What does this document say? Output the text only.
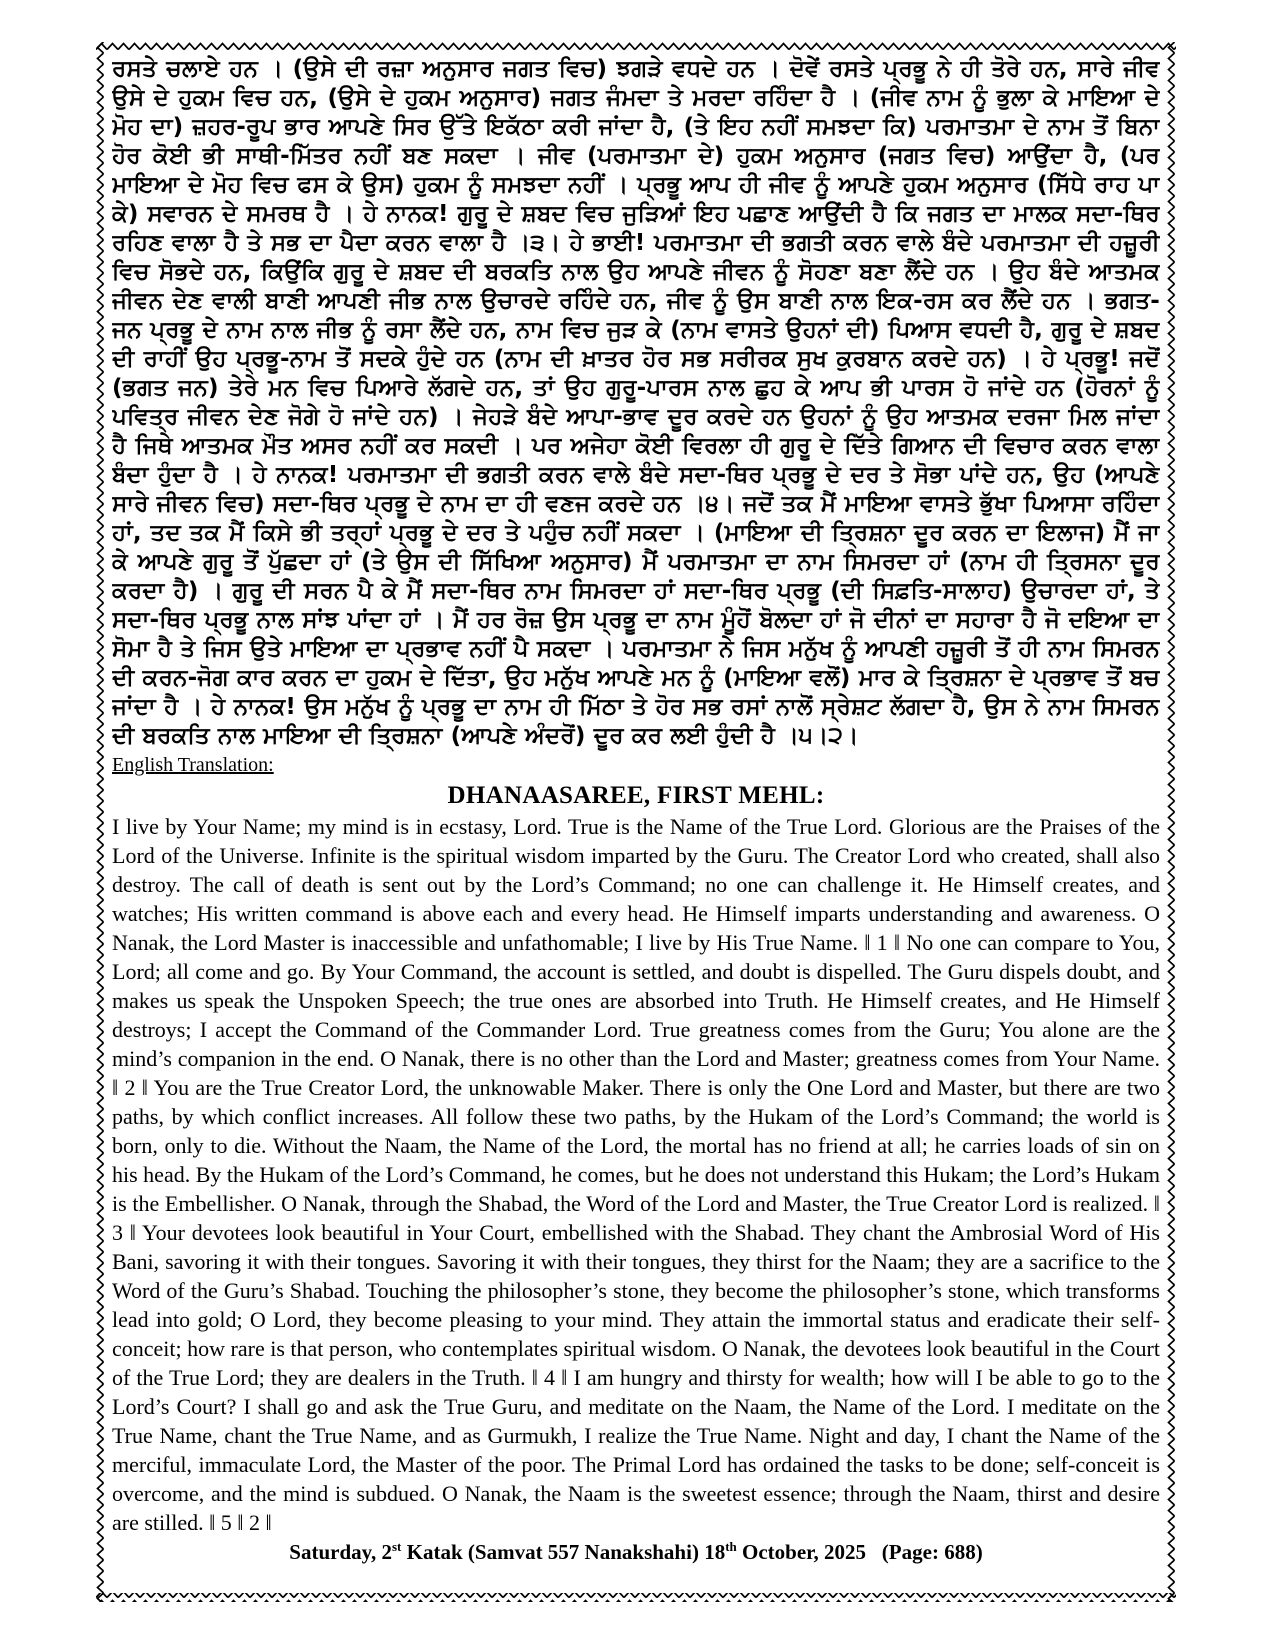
ਰਸਤੇ ਚਲਾਏ ਹਨ । (ਉਸੇ ਦੀ ਰਜ਼ਾ ਅਨੁਸਾਰ ਜਗਤ ਵਿਚ) ਝਗੜੇ ਵਧਦੇ ਹਨ । ਦੋਵੇਂ ਰਸਤੇ ਪ੍ਰਭੂ ਨੇ ਹੀ ਤੋਰੇ ਹਨ, ਸਾਰੇ ਜੀਵ ਉਸੇ ਦੇ ਹੁਕਮ ਵਿਚ ਹਨ, (ਉਸੇ ਦੇ ਹੁਕਮ ਅਨੁਸਾਰ) ਜਗਤ ਜੰਮਦਾ ਤੇ ਮਰਦਾ ਰਹਿੰਦਾ ਹੈ । (ਜੀਵ ਨਾਮ ਨੂੰ ਭੁਲਾ ਕੇ ਮਾਇਆ ਦੇ ਮੋਹ ਦਾ) ਜ਼ਹਰ-ਰੂਪ ਭਾਰ ਆਪਣੇ ਸਿਰ ਉੱਤੇ ਇਕੱਠਾ ਕਰੀ ਜਾਂਦਾ ਹੈ, (ਤੇ ਇਹ ਨਹੀਂ ਸਮਝਦਾ ਕਿ) ਪਰਮਾਤਮਾ ਦੇ ਨਾਮ ਤੋਂ ਬਿਨਾ ਹੋਰ ਕੋਈ ਭੀ ਸਾਥੀ-ਮਿੱਤਰ ਨਹੀਂ ਬਣ ਸਕਦਾ । ਜੀਵ (ਪਰਮਾਤਮਾ ਦੇ) ਹੁਕਮ ਅਨੁਸਾਰ (ਜਗਤ ਵਿਚ) ਆਉਂਦਾ ਹੈ, (ਪਰ ਮਾਇਆ ਦੇ ਮੋਹ ਵਿਚ ਫਸ ਕੇ ਉਸ) ਹੁਕਮ ਨੂੰ ਸਮਝਦਾ ਨਹੀਂ । ਪ੍ਰਭੂ ਆਪ ਹੀ ਜੀਵ ਨੂੰ ਆਪਣੇ ਹੁਕਮ ਅਨੁਸਾਰ (ਸਿੱਧੇ ਰਾਹ ਪਾ ਕੇ) ਸਵਾਰਨ ਦੇ ਸਮਰਥ ਹੈ । ਹੇ ਨਾਨਕ! ਗੁਰੂ ਦੇ ਸ਼ਬਦ ਵਿਚ ਜੁੜਿਆਂ ਇਹ ਪਛਾਣ ਆਉਂਦੀ ਹੈ ਕਿ ਜਗਤ ਦਾ ਮਾਲਕ ਸਦਾ-ਥਿਰ ਰਹਿਣ ਵਾਲਾ ਹੈ ਤੇ ਸਭ ਦਾ ਪੈਦਾ ਕਰਨ ਵਾਲਾ ਹੈ ।੩। ਹੇ ਭਾਈ! ਪਰਮਾਤਮਾ ਦੀ ਭਗਤੀ ਕਰਨ ਵਾਲੇ ਬੰਦੇ ਪਰਮਾਤਮਾ ਦੀ ਹਜ਼ੂਰੀ ਵਿਚ ਸੋਭਦੇ ਹਨ, ਕਿਉਂਕਿ ਗੁਰੂ ਦੇ ਸ਼ਬਦ ਦੀ ਬਰਕਤਿ ਨਾਲ ਉਹ ਆਪਣੇ ਜੀਵਨ ਨੂੰ ਸੋਹਣਾ ਬਣਾ ਲੈਂਦੇ ਹਨ । ਉਹ ਬੰਦੇ ਆਤਮਕ ਜੀਵਨ ਦੇਣ ਵਾਲੀ ਬਾਣੀ ਆਪਣੀ ਜੀਭ ਨਾਲ ਉਚਾਰਦੇ ਰਹਿੰਦੇ ਹਨ, ਜੀਵ ਨੂੰ ਉਸ ਬਾਣੀ ਨਾਲ ਇਕ-ਰਸ ਕਰ ਲੈਂਦੇ ਹਨ । ਭਗਤ-ਜਨ ਪ੍ਰਭੂ ਦੇ ਨਾਮ ਨਾਲ ਜੀਭ ਨੂੰ ਰਸਾ ਲੈਂਦੇ ਹਨ, ਨਾਮ ਵਿਚ ਜੁੜ ਕੇ (ਨਾਮ ਵਾਸਤੇ ਉਹਨਾਂ ਦੀ) ਪਿਆਸ ਵਧਦੀ ਹੈ, ਗੁਰੂ ਦੇ ਸ਼ਬਦ ਦੀ ਰਾਹੀਂ ਉਹ ਪ੍ਰਭੂ-ਨਾਮ ਤੋਂ ਸਦਕੇ ਹੁੰਦੇ ਹਨ (ਨਾਮ ਦੀ ਖ਼ਾਤਰ ਹੋਰ ਸਭ ਸਰੀਰਕ ਸੁਖ ਕੁਰਬਾਨ ਕਰਦੇ ਹਨ) । ਹੇ ਪ੍ਰਭੂ! ਜਦੋਂ (ਭਗਤ ਜਨ) ਤੇਰੇ ਮਨ ਵਿਚ ਪਿਆਰੇ ਲੱਗਦੇ ਹਨ, ਤਾਂ ਉਹ ਗੁਰੂ-ਪਾਰਸ ਨਾਲ ਛੁਹ ਕੇ ਆਪ ਭੀ ਪਾਰਸ ਹੋ ਜਾਂਦੇ ਹਨ (ਹੋਰਨਾਂ ਨੂੰ ਪਵਿਤ੍ਰ ਜੀਵਨ ਦੇਣ ਜੋਗੇ ਹੋ ਜਾਂਦੇ ਹਨ) । ਜੇਹੜੇ ਬੰਦੇ ਆਪਾ-ਭਾਵ ਦੂਰ ਕਰਦੇ ਹਨ ਉਹਨਾਂ ਨੂੰ ਉਹ ਆਤਮਕ ਦਰਜਾ ਮਿਲ ਜਾਂਦਾ ਹੈ ਜਿਥੇ ਆਤਮਕ ਮੌਤ ਅਸਰ ਨਹੀਂ ਕਰ ਸਕਦੀ । ਪਰ ਅਜੇਹਾ ਕੋਈ ਵਿਰਲਾ ਹੀ ਗੁਰੂ ਦੇ ਦਿੱਤੇ ਗਿਆਨ ਦੀ ਵਿਚਾਰ ਕਰਨ ਵਾਲਾ ਬੰਦਾ ਹੁੰਦਾ ਹੈ । ਹੇ ਨਾਨਕ! ਪਰਮਾਤਮਾ ਦੀ ਭਗਤੀ ਕਰਨ ਵਾਲੇ ਬੰਦੇ ਸਦਾ-ਥਿਰ ਪ੍ਰਭੂ ਦੇ ਦਰ ਤੇ ਸੋਭਾ ਪਾਂਦੇ ਹਨ, ਉਹ (ਆਪਣੇ ਸਾਰੇ ਜੀਵਨ ਵਿਚ) ਸਦਾ-ਥਿਰ ਪ੍ਰਭੂ ਦੇ ਨਾਮ ਦਾ ਹੀ ਵਣਜ ਕਰਦੇ ਹਨ ।੪। ਜਦੋਂ ਤਕ ਮੈਂ ਮਾਇਆ ਵਾਸਤੇ ਭੁੱਖਾ ਪਿਆਸਾ ਰਹਿੰਦਾ ਹਾਂ, ਤਦ ਤਕ ਮੈਂ ਕਿਸੇ ਭੀ ਤਰ੍ਹਾਂ ਪ੍ਰਭੂ ਦੇ ਦਰ ਤੇ ਪਹੁੰਚ ਨਹੀਂ ਸਕਦਾ । (ਮਾਇਆ ਦੀ ਤ੍ਰਿਸ਼ਨਾ ਦੂਰ ਕਰਨ ਦਾ ਇਲਾਜ) ਮੈਂ ਜਾ ਕੇ ਆਪਣੇ ਗੁਰੂ ਤੋਂ ਪੁੱਛਦਾ ਹਾਂ (ਤੇ ਉਸ ਦੀ ਸਿੱਖਿਆ ਅਨੁਸਾਰ) ਮੈਂ ਪਰਮਾਤਮਾ ਦਾ ਨਾਮ ਸਿਮਰਦਾ ਹਾਂ (ਨਾਮ ਹੀ ਤ੍ਰਿਸਨਾ ਦੂਰ ਕਰਦਾ ਹੈ) । ਗੁਰੂ ਦੀ ਸਰਨ ਪੈ ਕੇ ਮੈਂ ਸਦਾ-ਥਿਰ ਨਾਮ ਸਿਮਰਦਾ ਹਾਂ ਸਦਾ-ਥਿਰ ਪ੍ਰਭੂ (ਦੀ ਸਿਫ਼ਤਿ-ਸਾਲਾਹ) ਉਚਾਰਦਾ ਹਾਂ, ਤੇ ਸਦਾ-ਥਿਰ ਪ੍ਰਭੂ ਨਾਲ ਸਾਂਝ ਪਾਂਦਾ ਹਾਂ । ਮੈਂ ਹਰ ਰੋਜ਼ ਉਸ ਪ੍ਰਭੂ ਦਾ ਨਾਮ ਮੂੰਹੋਂ ਬੋਲਦਾ ਹਾਂ ਜੋ ਦੀਨਾਂ ਦਾ ਸਹਾਰਾ ਹੈ ਜੋ ਦਇਆ ਦਾ ਸੋਮਾ ਹੈ ਤੇ ਜਿਸ ਉਤੇ ਮਾਇਆ ਦਾ ਪ੍ਰਭਾਵ ਨਹੀਂ ਪੈ ਸਕਦਾ । ਪਰਮਾਤਮਾ ਨੇ ਜਿਸ ਮਨੁੱਖ ਨੂੰ ਆਪਣੀ ਹਜ਼ੂਰੀ ਤੋਂ ਹੀ ਨਾਮ ਸਿਮਰਨ ਦੀ ਕਰਨ-ਜੋਗ ਕਾਰ ਕਰਨ ਦਾ ਹੁਕਮ ਦੇ ਦਿੱਤਾ, ਉਹ ਮਨੁੱਖ ਆਪਣੇ ਮਨ ਨੂੰ (ਮਾਇਆ ਵਲੋਂ) ਮਾਰ ਕੇ ਤ੍ਰਿਸ਼ਨਾ ਦੇ ਪ੍ਰਭਾਵ ਤੋਂ ਬਚ ਜਾਂਦਾ ਹੈ । ਹੇ ਨਾਨਕ! ਉਸ ਮਨੁੱਖ ਨੂੰ ਪ੍ਰਭੂ ਦਾ ਨਾਮ ਹੀ ਮਿੱਠਾ ਤੇ ਹੋਰ ਸਭ ਰਸਾਂ ਨਾਲੋਂ ਸ੍ਰੇਸ਼ਟ ਲੱਗਦਾ ਹੈ, ਉਸ ਨੇ ਨਾਮ ਸਿਮਰਨ ਦੀ ਬਰਕਤਿ ਨਾਲ ਮਾਇਆ ਦੀ ਤ੍ਰਿਸ਼ਨਾ (ਆਪਣੇ ਅੰਦਰੋਂ) ਦੂਰ ਕਰ ਲਈ ਹੁੰਦੀ ਹੈ ।੫।੨।

English Translation:
DHANAASAREE, FIRST MEHL:

I live by Your Name; my mind is in ecstasy, Lord. True is the Name of the True Lord. Glorious are the Praises of the Lord of the Universe. Infinite is the spiritual wisdom imparted by the Guru. The Creator Lord who created, shall also destroy. The call of death is sent out by the Lord’s Command; no one can challenge it. He Himself creates, and watches; His written command is above each and every head. He Himself imparts understanding and awareness. O Nanak, the Lord Master is inaccessible and unfathomable; I live by His True Name. ‖ 1 ‖ No one can compare to You, Lord; all come and go. By Your Command, the account is settled, and doubt is dispelled. The Guru dispels doubt, and makes us speak the Unspoken Speech; the true ones are absorbed into Truth. He Himself creates, and He Himself destroys; I accept the Command of the Commander Lord. True greatness comes from the Guru; You alone are the mind’s companion in the end. O Nanak, there is no other than the Lord and Master; greatness comes from Your Name. ‖ 2 ‖ You are the True Creator Lord, the unknowable Maker. There is only the One Lord and Master, but there are two paths, by which conflict increases. All follow these two paths, by the Hukam of the Lord’s Command; the world is born, only to die. Without the Naam, the Name of the Lord, the mortal has no friend at all; he carries loads of sin on his head. By the Hukam of the Lord’s Command, he comes, but he does not understand this Hukam; the Lord’s Hukam is the Embellisher. O Nanak, through the Shabad, the Word of the Lord and Master, the True Creator Lord is realized. ‖ 3 ‖ Your devotees look beautiful in Your Court, embellished with the Shabad. They chant the Ambrosial Word of His Bani, savoring it with their tongues. Savoring it with their tongues, they thirst for the Naam; they are a sacrifice to the Word of the Guru’s Shabad. Touching the philosopher’s stone, they become the philosopher’s stone, which transforms lead into gold; O Lord, they become pleasing to your mind. They attain the immortal status and eradicate their self-conceit; how rare is that person, who contemplates spiritual wisdom. O Nanak, the devotees look beautiful in the Court of the True Lord; they are dealers in the Truth. ‖ 4 ‖ I am hungry and thirsty for wealth; how will I be able to go to the Lord’s Court? I shall go and ask the True Guru, and meditate on the Naam, the Name of the Lord. I meditate on the True Name, chant the True Name, and as Gurmukh, I realize the True Name. Night and day, I chant the Name of the merciful, immaculate Lord, the Master of the poor. The Primal Lord has ordained the tasks to be done; self-conceit is overcome, and the mind is subdued. O Nanak, the Naam is the sweetest essence; through the Naam, thirst and desire are stilled. ‖ 5 ‖ 2 ‖

Saturday, 2st Katak (Samvat 557 Nanakshahi) 18th October, 2025   (Page: 688)
